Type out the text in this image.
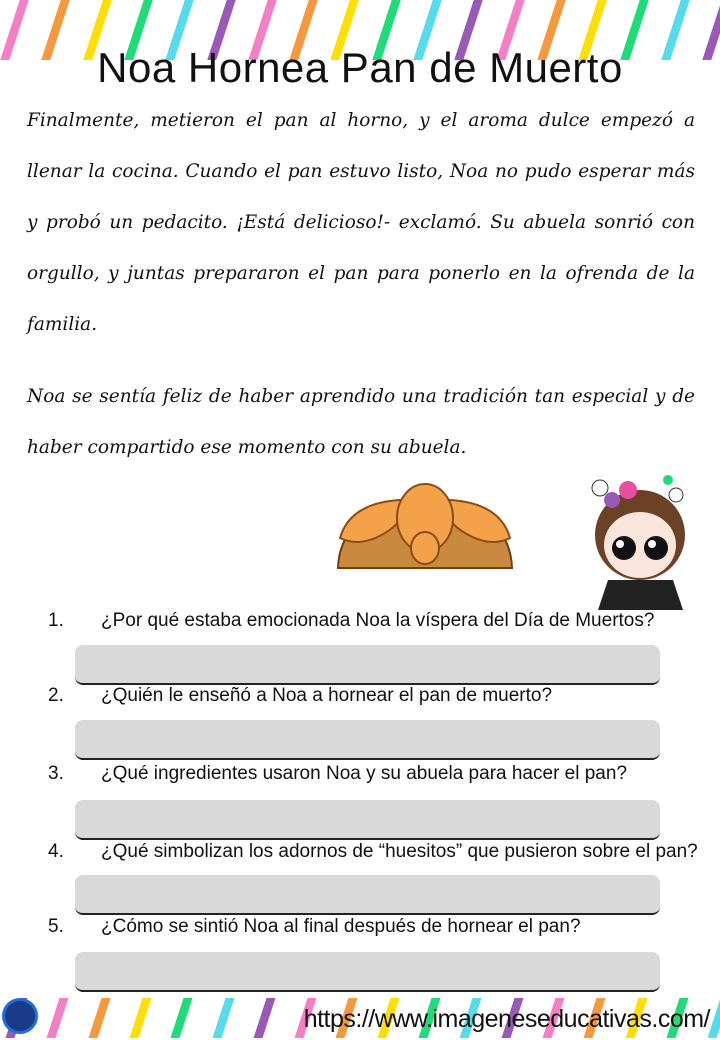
Noa Hornea Pan de Muerto
Finalmente, metieron el pan al horno, y el aroma dulce empezó a llenar la cocina. Cuando el pan estuvo listo, Noa no pudo esperar más y probó un pedacito. ¡Está delicioso!- exclamó. Su abuela sonrió con orgullo, y juntas prepararon el pan para ponerlo en la ofrenda de la familia.
Noa se sentía feliz de haber aprendido una tradición tan especial y de haber compartido ese momento con su abuela.
1. ¿Por qué estaba emocionada Noa la víspera del Día de Muertos?
2. ¿Quién le enseñó a Noa a hornear el pan de muerto?
3. ¿Qué ingredientes usaron Noa y su abuela para hacer el pan?
4. ¿Qué simbolizan los adornos de “huesitos” que pusieron sobre el pan?
5. ¿Cómo se sintió Noa al final después de hornear el pan?
https://www.imageneseducativas.com/
